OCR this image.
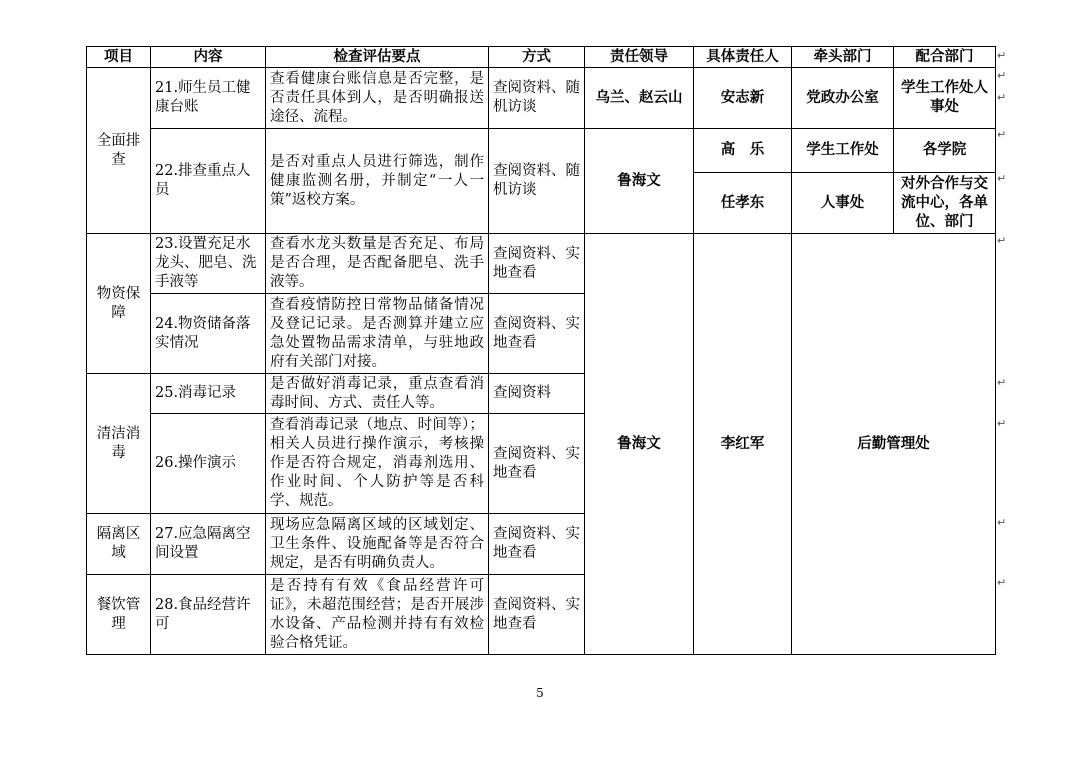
项目	内容	检查评估要点	方式	责任领导	具体责任人	牵头部门	配合部门
全面排查	21.师生员工健康台账	查看健康台账信息是否完整，是否责任具体到人，是否明确报送途径、流程。	查阅资料、随机访谈	乌兰、赵云山	安志新	党政办公室	学生工作处人事处
	22.排查重点人员	是否对重点人员进行筛选，制作健康监测名册，并制定“一人一策”返校方案。	查阅资料、随机访谈	鲁海文	高　乐	学生工作处	各学院
					任孝东	人事处	对外合作与交流中心，各单位、部门
物资保障	23.设置充足水龙头、肥皂、洗手液等	查看水龙头数量是否充足、布局是否合理，是否配备肥皂、洗手液等。	查阅资料、实地查看	鲁海文	李红军	后勤管理处	
	24.物资储备落实情况	查看疫情防控日常物品储备情况及登记记录。是否测算并建立应急处置物品需求清单，与驻地政府有关部门对接。	查阅资料、实地查看				
清洁消毒	25.消毒记录	是否做好消毒记录，重点查看消毒时间、方式、责任人等。	查阅资料				
	26.操作演示	查看消毒记录（地点、时间等）；相关人员进行操作演示，考核操作是否符合规定，消毒剂选用、作业时间、个人防护等是否科学、规范。	查阅资料、实地查看				
隔离区域	27.应急隔离空间设置	现场应急隔离区域的区域划定、卫生条件、设施配备等是否符合规定，是否有明确负责人。	查阅资料、实地查看				
餐饮管理	28.食品经营许可	是否持有有效《食品经营许可证》，未超范围经营；是否开展涉水设备、产品检测并持有有效检验合格凭证。	查阅资料、实地查看				
↵
↵
↵
↵
↵
↵
↵
↵
↵
↵
5
